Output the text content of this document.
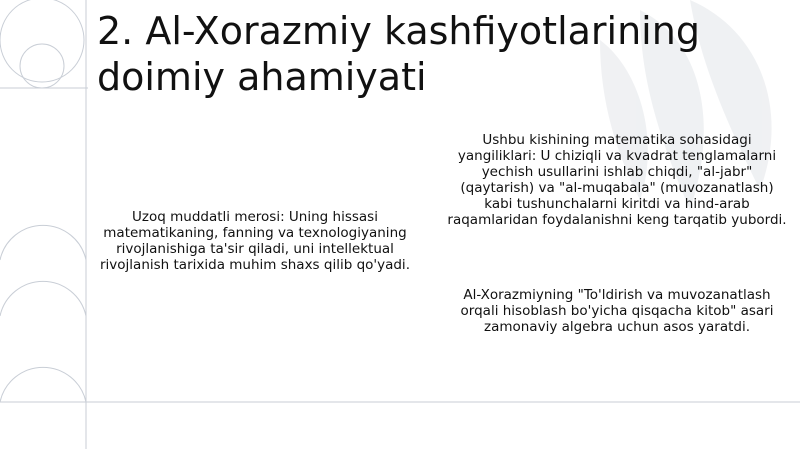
2. Al-Xorazmiy kashfiyotlarining doimiy ahamiyati

Uzoq muddatli merosi: Uning hissasi matematikaning, fanning va texnologiyaning rivojlanishiga ta'sir qiladi, uni intellektual rivojlanish tarixida muhim shaxs qilib qo'yadi.

Ushbu kishining matematika sohasidagi yangiliklari: U chiziqli va kvadrat tenglamalarni yechish usullarini ishlab chiqdi, "al-jabr" (qaytarish) va "al-muqabala" (muvozanatlash) kabi tushunchalarni kiritdi va hind-arab raqamlaridan foydalanishni keng tarqatib yubordi.

Al-Xorazmiyning "To'ldirish va muvozanatlash orqali hisoblash bo'yicha qisqacha kitob" asari zamonaviy algebra uchun asos yaratdi.
